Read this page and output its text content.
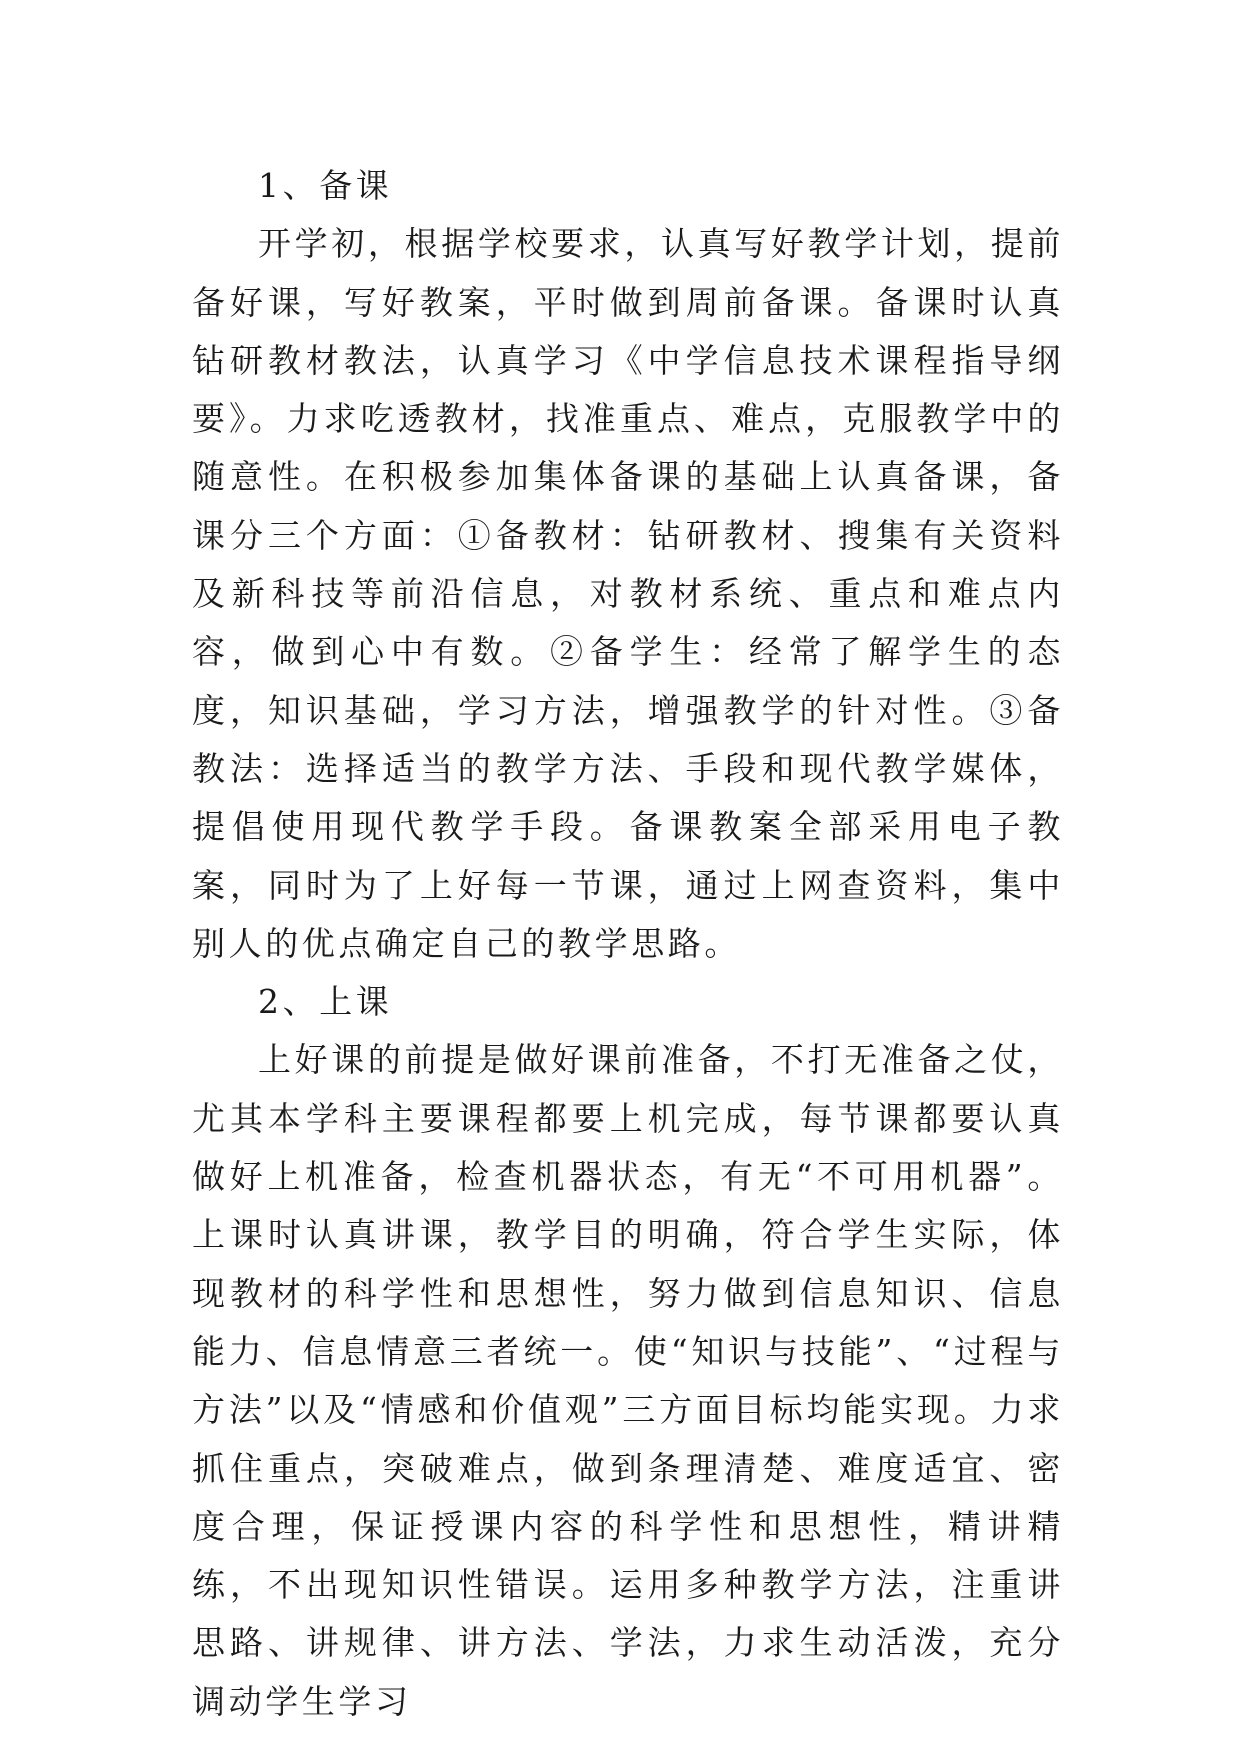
1、备课

开学初，根据学校要求，认真写好教学计划，提前备好课，写好教案，平时做到周前备课。备课时认真钻研教材教法，认真学习《中学信息技术课程指导纲要》。力求吃透教材，找准重点、难点，克服教学中的随意性。在积极参加集体备课的基础上认真备课，备课分三个方面：①备教材：钻研教材、搜集有关资料及新科技等前沿信息，对教材系统、重点和难点内容，做到心中有数。②备学生：经常了解学生的态度，知识基础，学习方法，增强教学的针对性。③备教法：选择适当的教学方法、手段和现代教学媒体，提倡使用现代教学手段。备课教案全部采用电子教案，同时为了上好每一节课，通过上网查资料，集中别人的优点确定自己的教学思路。

2、上课

上好课的前提是做好课前准备，不打无准备之仗，尤其本学科主要课程都要上机完成，每节课都要认真做好上机准备，检查机器状态，有无“不可用机器”。上课时认真讲课，教学目的明确，符合学生实际，体现教材的科学性和思想性，努力做到信息知识、信息能力、信息情意三者统一。使“知识与技能”、“过程与方法”以及“情感和价值观”三方面目标均能实现。力求抓住重点，突破难点，做到条理清楚、难度适宜、密度合理，保证授课内容的科学性和思想性，精讲精练，不出现知识性错误。运用多种教学方法，注重讲思路、讲规律、讲方法、学法，力求生动活泼，充分调动学生学习
